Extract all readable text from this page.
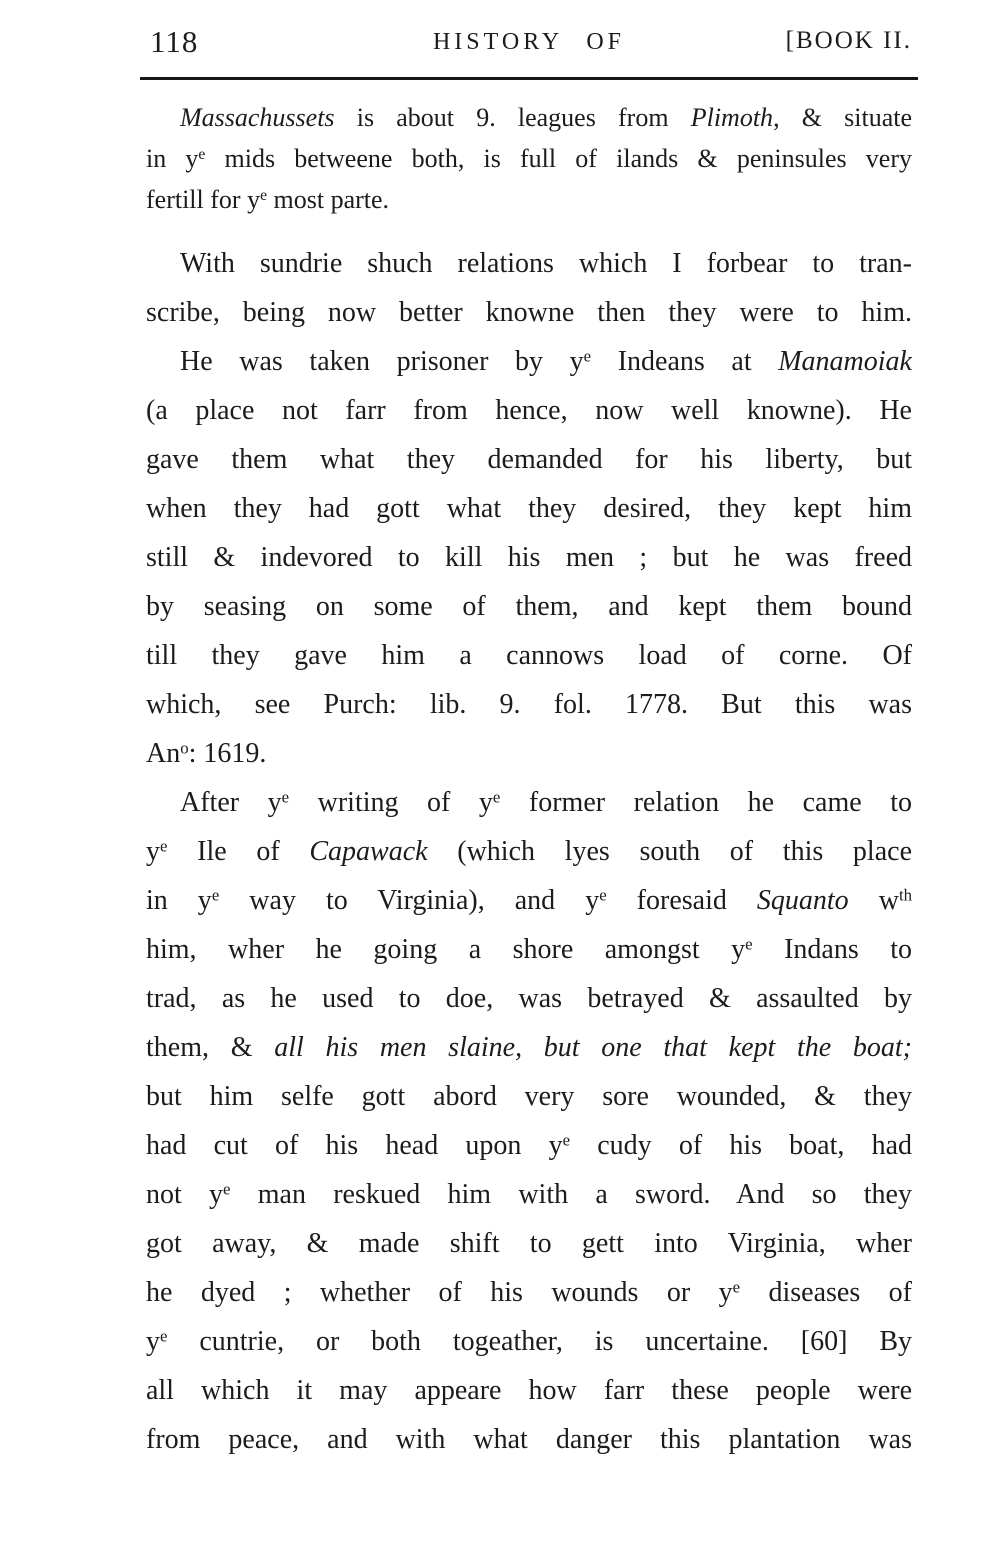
118	HISTORY OF	[BOOK II.
Massachussets is about 9. leagues from Plimoth, & situate
in $y^e$ mids betweene both, is full of ilands & peninsules very
fertill for $y^e$ most parte.
With sundrie shuch relations which I forbear to tran-
scribe, being now better knowne then they were to him.
He was taken prisoner by $y^e$ Indeans at Manamoiak
(a place not farr from hence, now well knowne). He
gave them what they demanded for his liberty, but
when they had gott what they desired, they kept him
still & indevored to kill his men ; but he was freed
by seasing on some of them, and kept them bound
till they gave him a cannows load of corne. Of
which, see Purch: lib. 9. fol. 1778. But this was
An$^o$: 1619.
After $y^e$ writing of $y^e$ former relation he came to
$y^e$ Ile of Capawack (which lyes south of this place
in $y^e$ way to Virginia), and $y^e$ foresaid Squanto $w^{th}$
him, wher he going a shore amongst $y^e$ Indans to
trad, as he used to doe, was betrayed & assaulted by
them, & all his men slaine, but one that kept the boat;
but him selfe gott abord very sore wounded, & they
had cut of his head upon $y^e$ cudy of his boat, had
not $y^e$ man reskued him with a sword. And so they
got away, & made shift to gett into Virginia, wher
he dyed ; whether of his wounds or $y^e$ diseases of
$y^e$ cuntrie, or both togeather, is uncertaine. [60] By
all which it may appeare how farr these people were
from peace, and with what danger this plantation was
